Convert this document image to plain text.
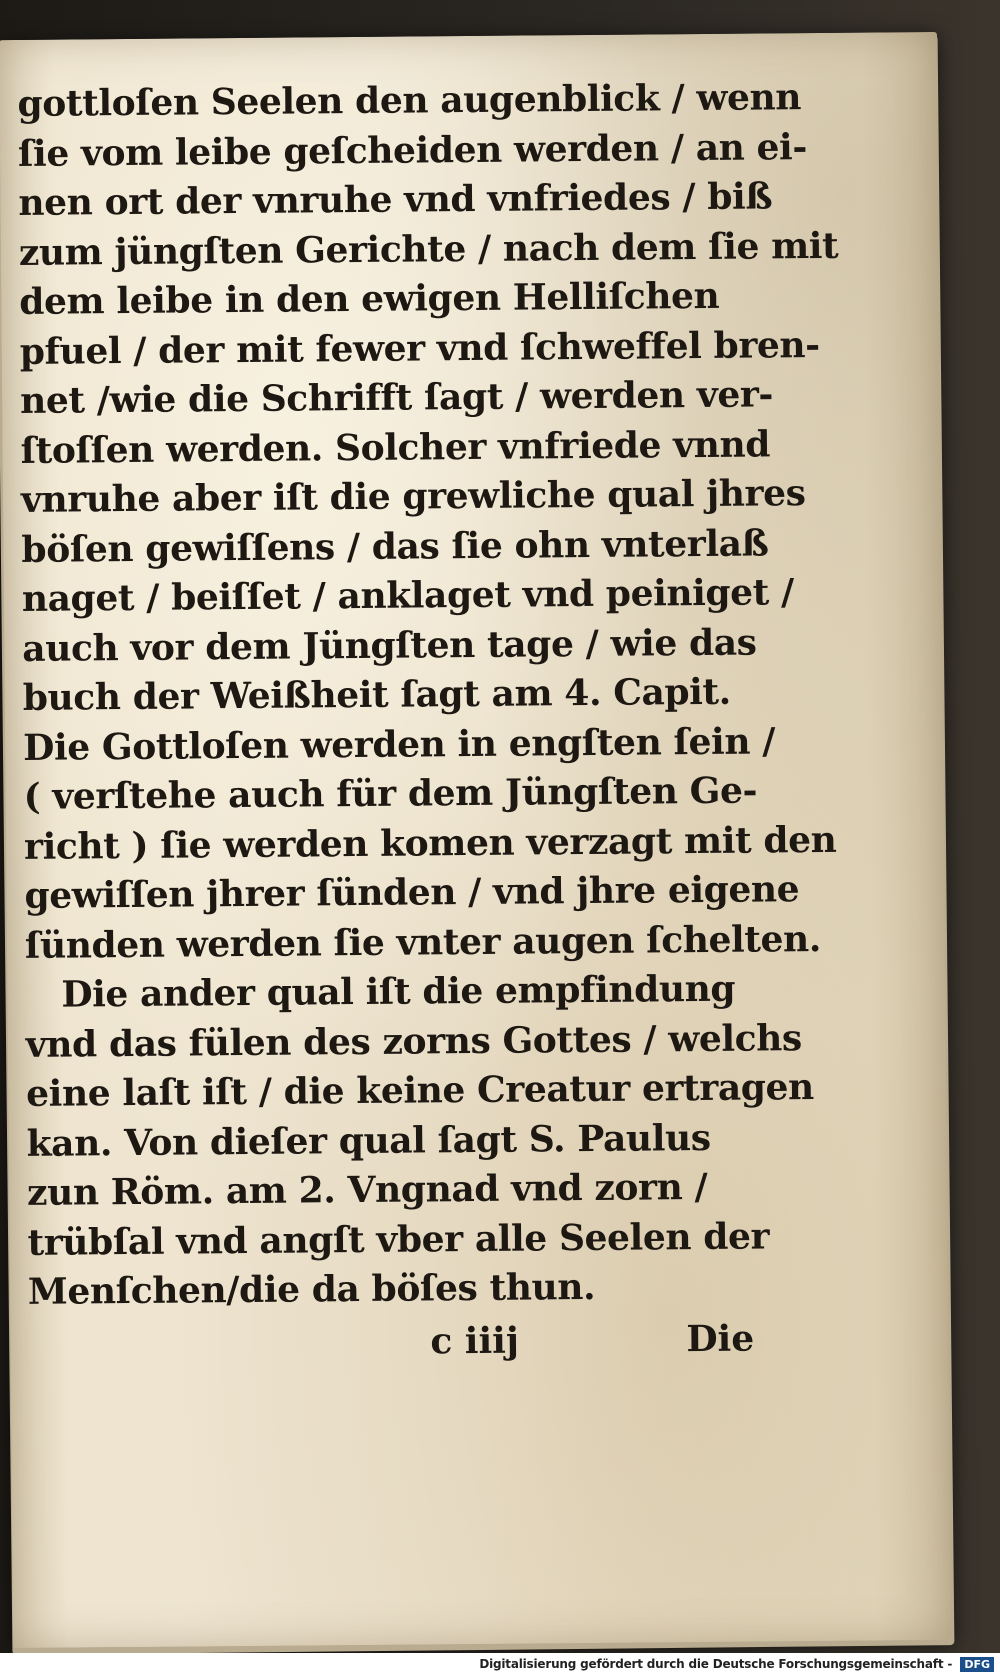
gottloſen Seelen den augenblick / wenn
ſie vom leibe geſcheiden werden / an ei-
nen ort der vnruhe vnd vnfriedes / biß
zum jüngſten Gerichte / nach dem ſie mit
dem leibe in den ewigen Helliſchen
pfuel / der mit fewer vnd ſchweffel bren-
net /wie die Schrifft ſagt / werden ver-
ſtoſſen werden. Solcher vnfriede vnnd
vnruhe aber iſt die grewliche qual jhres
böſen gewiſſens / das ſie ohn vnterlaß
naget / beiſſet / anklaget vnd peiniget /
auch vor dem Jüngſten tage / wie das
buch der Weißheit ſagt am 4. Capit.
Die Gottloſen werden in engſten ſein /
( verſtehe auch für dem Jüngſten Ge-
richt ) ſie werden komen verzagt mit den
gewiſſen jhrer ſünden / vnd jhre eigene
ſünden werden ſie vnter augen ſchelten.
Die ander qual iſt die empfindung
vnd das fülen des zorns Gottes / welchs
eine laſt iſt / die keine Creatur ertragen
kan. Von dieſer qual ſagt S. Paulus
zun Röm. am 2. Vngnad vnd zorn /
trübſal vnd angſt vber alle Seelen der
Menſchen/die da böſes thun.
c iiij	Die
Digitalisierung gefördert durch die Deutsche Forschungsgemeinschaft - DFG
